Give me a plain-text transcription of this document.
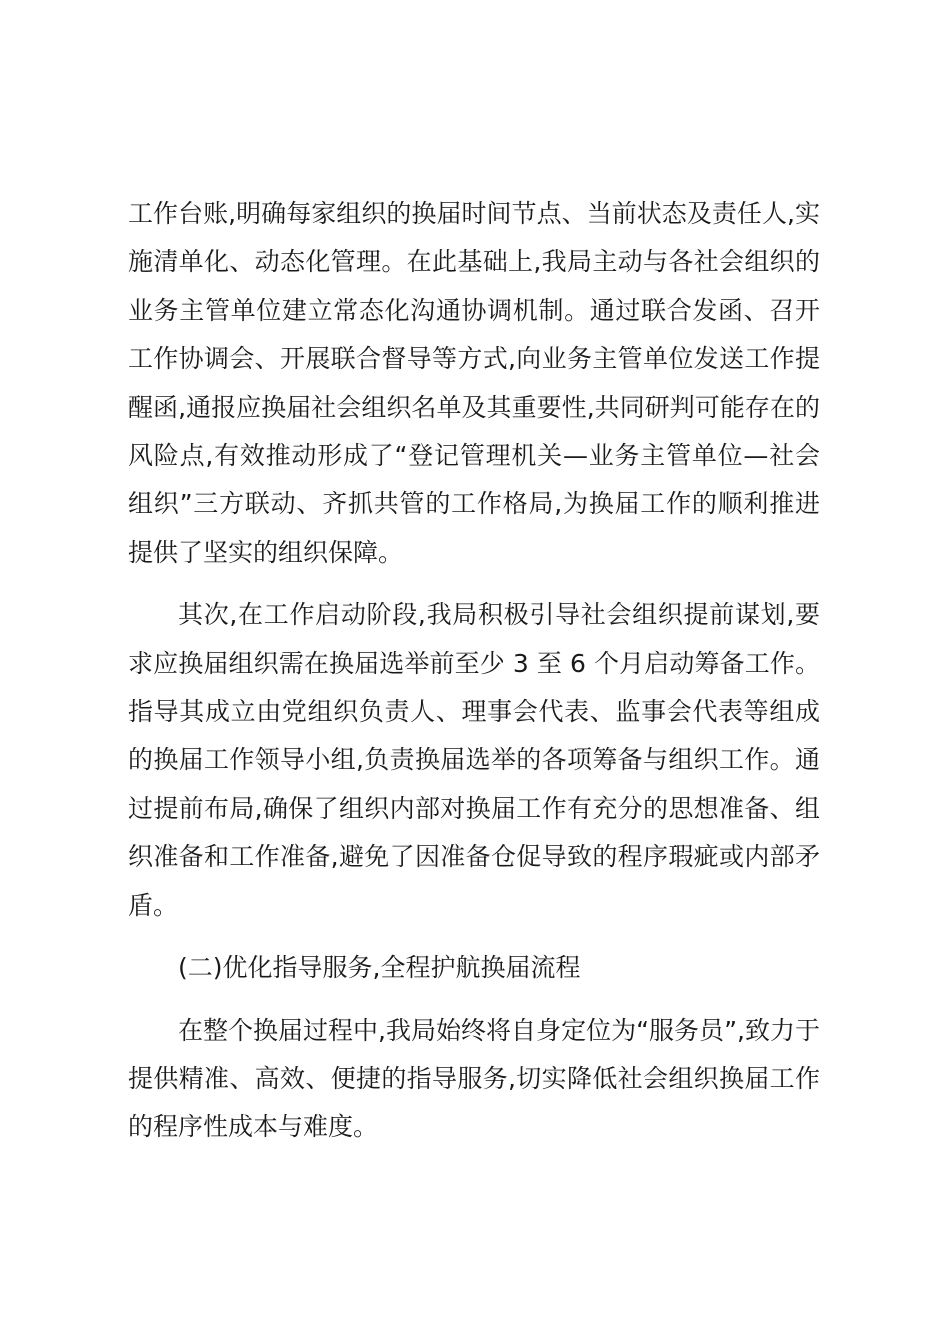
工作台账,明确每家组织的换届时间节点、当前状态及责任人,实施清单化、动态化管理。在此基础上,我局主动与各社会组织的业务主管单位建立常态化沟通协调机制。通过联合发函、召开工作协调会、开展联合督导等方式,向业务主管单位发送工作提醒函,通报应换届社会组织名单及其重要性,共同研判可能存在的风险点,有效推动形成了“登记管理机关—业务主管单位—社会组织”三方联动、齐抓共管的工作格局,为换届工作的顺利推进提供了坚实的组织保障。

其次,在工作启动阶段,我局积极引导社会组织提前谋划,要求应换届组织需在换届选举前至少 3 至 6 个月启动筹备工作。指导其成立由党组织负责人、理事会代表、监事会代表等组成的换届工作领导小组,负责换届选举的各项筹备与组织工作。通过提前布局,确保了组织内部对换届工作有充分的思想准备、组织准备和工作准备,避免了因准备仓促导致的程序瑕疵或内部矛盾。

(二)优化指导服务,全程护航换届流程

在整个换届过程中,我局始终将自身定位为“服务员”,致力于提供精准、高效、便捷的指导服务,切实降低社会组织换届工作的程序性成本与难度。
